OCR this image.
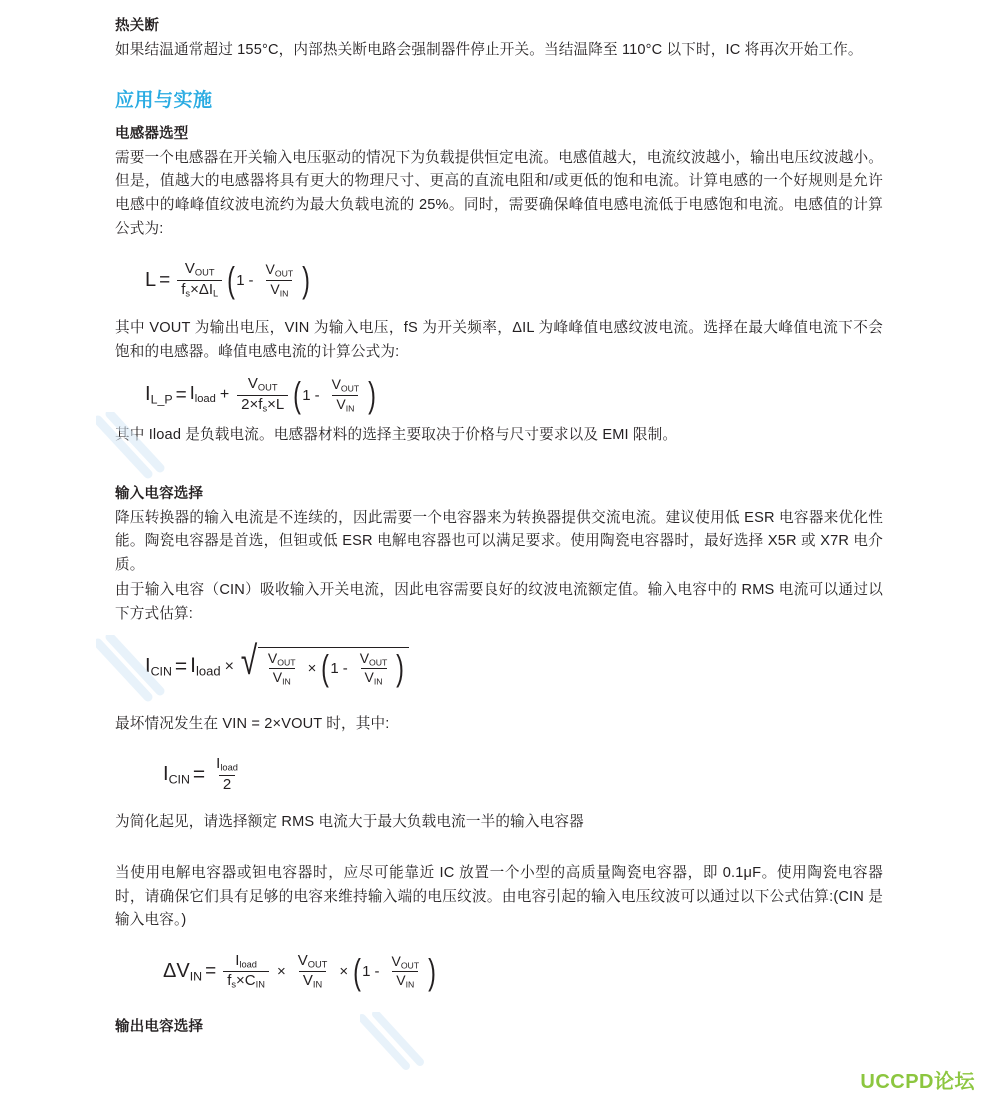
热关断

如果结温通常超过 155°C，内部热关断电路会强制器件停止开关。当结温降至 110°C 以下时，IC 将再次开始工作。

应用与实施
电感器选型

需要一个电感器在开关输入电压驱动的情况下为负载提供恒定电流。电感值越大，电流纹波越小，输出电压纹波越小。但是，值越大的电感器将具有更大的物理尺寸、更高的直流电阻和/或更低的饱和电流。计算电感的一个好规则是允许电感中的峰峰值纹波电流约为最大负载电流的 25%。同时，需要确保峰值电感电流低于电感饱和电流。电感值的计算公式为:

$L = \frac{V_{OUT}}{f_s\times\Delta I_L}$ ( $1 - \frac{V_{OUT}}{V_{IN}}$ )

其中 VOUT 为输出电压，VIN 为输入电压，fS 为开关频率，ΔIL 为峰峰值电感纹波电流。选择在最大峰值电流下不会饱和的电感器。峰值电感电流的计算公式为:

$I_{L\_P} = I_{load} + \frac{V_{OUT}}{2\times f_s\times L}$ ( $1 - \frac{V_{OUT}}{V_{IN}}$ )

其中 Iload 是负载电流。电感器材料的选择主要取决于价格与尺寸要求以及 EMI 限制。

输入电容选择

降压转换器的输入电流是不连续的，因此需要一个电容器来为转换器提供交流电流。建议使用低 ESR 电容器来优化性能。陶瓷电容器是首选，但钽或低 ESR 电解电容器也可以满足要求。使用陶瓷电容器时，最好选择 X5R 或 X7R 电介质。

由于输入电容（CIN）吸收输入开关电流，因此电容需要良好的纹波电流额定值。输入电容中的 RMS 电流可以通过以下方式估算:

$I_{CIN} = I_{load}$ × √ $\frac{V_{OUT}}{V_{IN}}$ × ( $1 - \frac{V_{OUT}}{V_{IN}}$ )

最坏情况发生在 VIN = 2×VOUT 时，其中:

$I_{CIN} = \frac{I_{load}}{2}$

为简化起见，请选择额定 RMS 电流大于最大负载电流一半的输入电容器

当使用电解电容器或钽电容器时，应尽可能靠近 IC 放置一个小型的高质量陶瓷电容器，即 0.1μF。使用陶瓷电容器时，请确保它们具有足够的电容来维持输入端的电压纹波。由电容引起的输入电压纹波可以通过以下公式估算:(CIN 是输入电容。)

$\Delta V_{IN} = \frac{I_{load}}{f_s\times C_{IN}} \times \frac{V_{OUT}}{V_{IN}}$ × ( $1 - \frac{V_{OUT}}{V_{IN}}$ )
输出电容选择
UCCPD论坛
